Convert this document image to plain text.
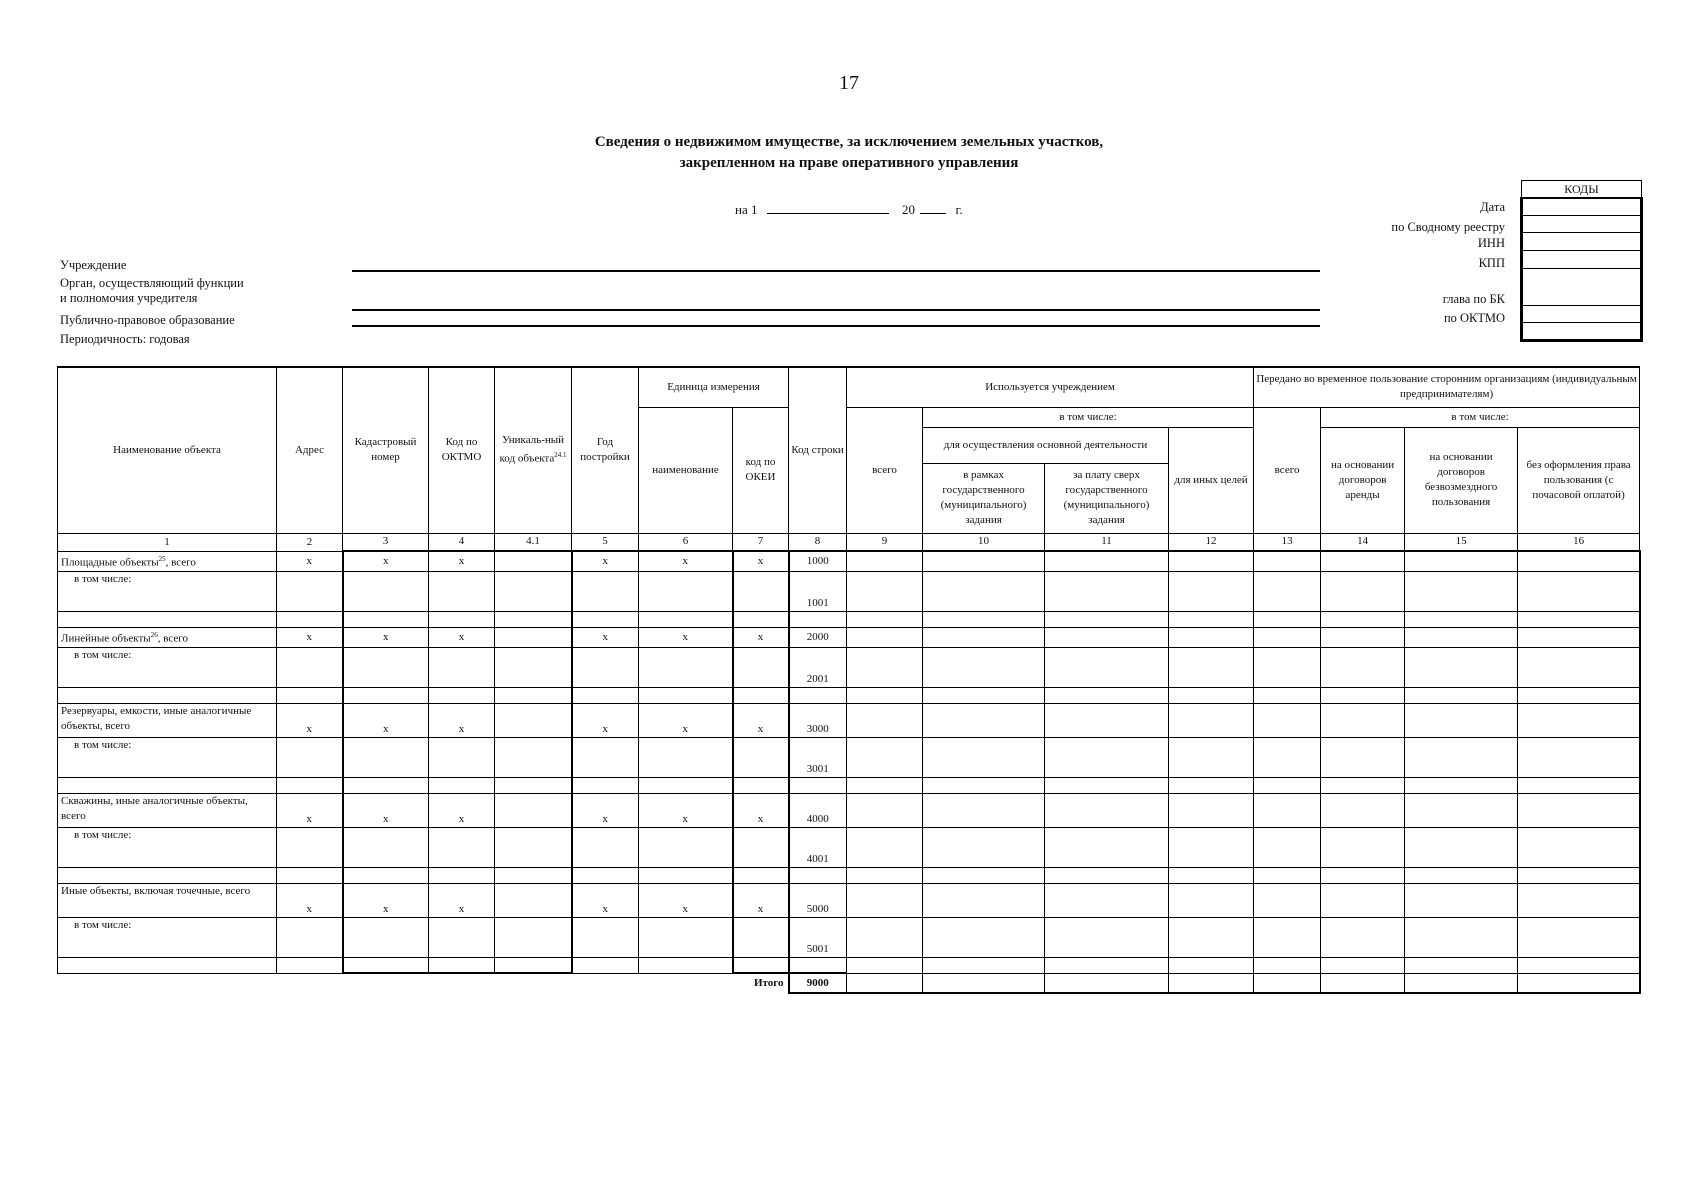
17
Сведения о недвижимом имуществе, за исключением земельных участков,
закрепленном на праве оперативного управления
на 1	20	г.
Учреждение
Орган, осуществляющий функции
и полномочия учредителя
Публично-правовое образование
Периодичность: годовая
Дата
по Сводному реестру
ИНН
КПП
глава по БК
по ОКТМО
КОДЫ

Наименование объекта	Адрес	Кадастровый номер	Код по ОКТМО	Уникаль-ный код объекта$^{24.1}$	Год постройки	Единица измерения		Код строки	Используется учреждением				Передано во временное пользование сторонним организациям (индивидуальным предпринимателям)				
						наименование	код по ОКЕИ		всего	в том числе:			всего	в том числе:			
										для осуществления основной деятельности		для иных целей		на основании договоров аренды	на основании договоров безвозмездного пользования	без оформления права пользования (с почасовой оплатой)	
										в рамках государственного (муниципального) задания	за плату сверх государственного (муниципального) задания						
1	2	3	4	4.1	5	6	7	8	9	10	11	12	13	14	15	16	
Площадные объекты$^{25}$, всего	x	x	x		x	x	x	1000									
в том числе:								1001									

Линейные объекты$^{26}$, всего	x	x	x		x	x	x	2000									
в том числе:								2001									

Резервуары, емкости, иные аналогичные объекты, всего	x	x	x		x	x	x	3000									
в том числе:								3001									

Скважины, иные аналогичные объекты, всего	x	x	x		x	x	x	4000									
в том числе:								4001									

Иные объекты, включая точечные, всего	x	x	x		x	x	x	5000									
в том числе:								5001									

Итого								9000									
